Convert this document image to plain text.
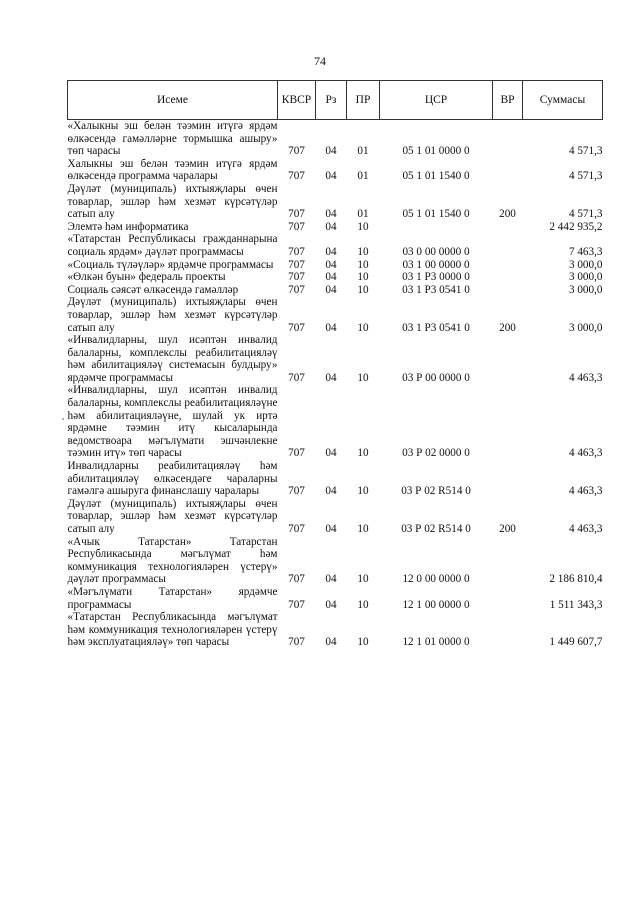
74
Исеме	КВСР	Рз	ПР	ЦСР	ВР	Суммасы
«Халыкны эш белән тәэмин итүгә ярдәм өлкәсендә гамәлләрне тормышка ашыру» төп чарасы	707	04	01	05 1 01 0000 0		4 571,3
Халыкны эш белән тәэмин итүгә ярдәм өлкәсендә программа чаралары	707	04	01	05 1 01 1540 0		4 571,3
Дәүләт (муниципаль) ихтыяҗлары өчен товарлар, эшләр һәм хезмәт күрсәтүләр сатып алу	707	04	01	05 1 01 1540 0	200	4 571,3
Элемтә һәм информатика	707	04	10			2 442 935,2
«Татарстан Республикасы гражданнарына социаль ярдәм» дәүләт программасы	707	04	10	03 0 00 0000 0		7 463,3
«Социаль түләүләр» ярдәмче программасы	707	04	10	03 1 00 0000 0		3 000,0
«Өлкән буын» федераль проекты	707	04	10	03 1 P3 0000 0		3 000,0
Социаль сәясәт өлкәсендә гамәлләр	707	04	10	03 1 P3 0541 0		3 000,0
Дәүләт (муниципаль) ихтыяҗлары өчен товарлар, эшләр һәм хезмәт күрсәтүләр сатып алу	707	04	10	03 1 P3 0541 0	200	3 000,0
«Инвалидларны, шул исәптән инвалид балаларны, комплекслы реабилитацияләү һәм абилитацияләү системасын булдыру» ярдәмче программасы	707	04	10	03 Р 00 0000 0		4 463,3
«Инвалидларны, шул исәптән инвалид балаларны, комплекслы реабилитацияләүне һәм абилитацияләүне, шулай ук иртә ярдәмне тәэмин итү кысаларында ведомствоара мәгълүмати эшчәнлекне тәэмин итү» төп чарасы	707	04	10	03 Р 02 0000 0		4 463,3
Инвалидларны реабилитацияләү һәм абилитацияләү өлкәсендәге чараларны гамәлгә ашыруга финанслашу чаралары	707	04	10	03 Р 02 R514 0		4 463,3
Дәүләт (муниципаль) ихтыяҗлары өчен товарлар, эшләр һәм хезмәт күрсәтүләр сатып алу	707	04	10	03 Р 02 R514 0	200	4 463,3
«Ачык Татарстан» Татарстан Республикасында мәгълүмат һәм коммуникация технологияләрен үстерү» дәүләт программасы	707	04	10	12 0 00 0000 0		2 186 810,4
«Мәгълүмати Татарстан» ярдәмче программасы	707	04	10	12 1 00 0000 0		1 511 343,3
«Татарстан Республикасында мәгълүмат һәм коммуникация технологияләрен үстерү һәм эксплуатацияләү» төп чарасы	707	04	10	12 1 01 0000 0		1 449 607,7
